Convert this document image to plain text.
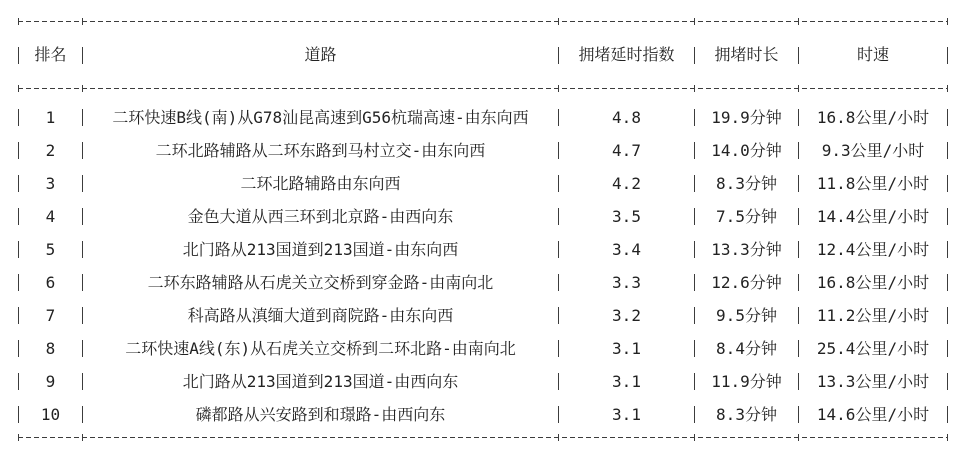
排名	道路	拥堵延时指数	拥堵时长	时速
1	二环快速B线(南)从G78汕昆高速到G56杭瑞高速-由东向西	4.8	19.9分钟	16.8公里/小时
2	二环北路辅路从二环东路到马村立交-由东向西	4.7	14.0分钟	9.3公里/小时
3	二环北路辅路由东向西	4.2	8.3分钟	11.8公里/小时
4	金色大道从西三环到北京路-由西向东	3.5	7.5分钟	14.4公里/小时
5	北门路从213国道到213国道-由东向西	3.4	13.3分钟	12.4公里/小时
6	二环东路辅路从石虎关立交桥到穿金路-由南向北	3.3	12.6分钟	16.8公里/小时
7	科高路从滇缅大道到商院路-由东向西	3.2	9.5分钟	11.2公里/小时
8	二环快速A线(东)从石虎关立交桥到二环北路-由南向北	3.1	8.4分钟	25.4公里/小时
9	北门路从213国道到213国道-由西向东	3.1	11.9分钟	13.3公里/小时
10	磷都路从兴安路到和璟路-由西向东	3.1	8.3分钟	14.6公里/小时
